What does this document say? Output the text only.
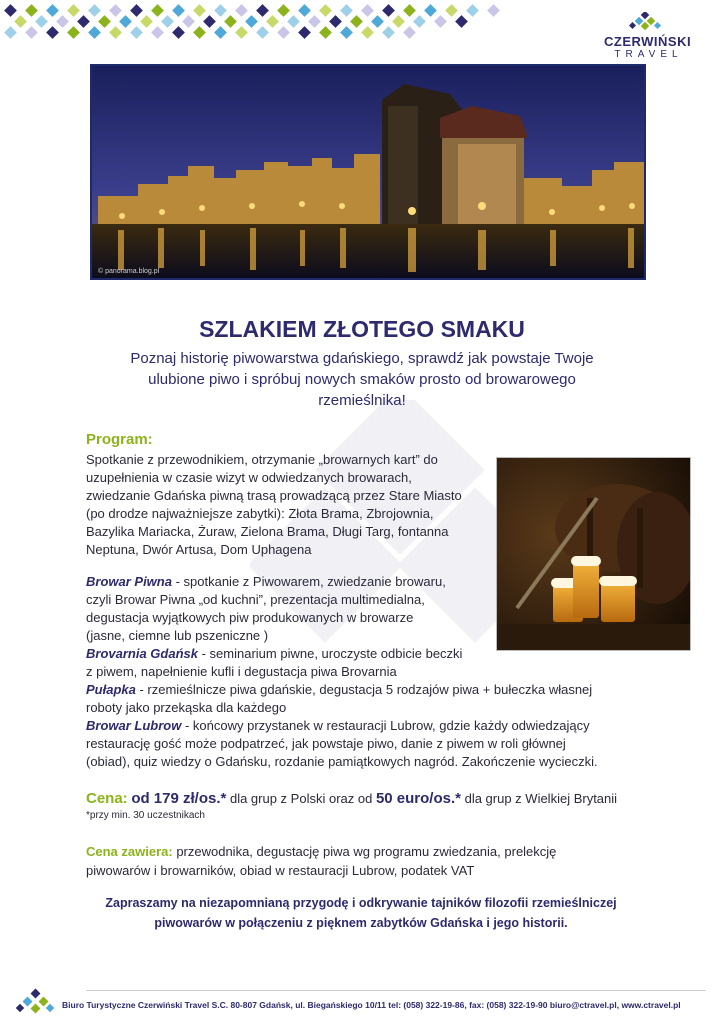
CZERWIŃSKI
TRAVEL
© panorama.blog.pl
SZLAKIEM ZŁOTEGO SMAKU
Poznaj historię piwowarstwa gdańskiego, sprawdź jak powstaje Twoje
ulubione piwo i spróbuj nowych smaków prosto od browarowego
rzemieślnika!
Program:
Spotkanie z przewodnikiem, otrzymanie „browarnych kart” do
uzupełnienia w czasie wizyt w odwiedzanych browarach,
zwiedzanie Gdańska piwną trasą prowadzącą przez Stare Miasto
(po drodze najważniejsze zabytki): Złota Brama, Zbrojownia,
Bazylika Mariacka, Żuraw, Zielona Brama, Długi Targ, fontanna
Neptuna, Dwór Artusa, Dom Uphagena
Browar Piwna - spotkanie z Piwowarem, zwiedzanie browaru,
czyli Browar Piwna „od kuchni”, prezentacja multimedialna,
degustacja wyjątkowych piw produkowanych w browarze
(jasne, ciemne lub pszeniczne )
Brovarnia Gdańsk - seminarium piwne, uroczyste odbicie beczki
z piwem, napełnienie kufli i degustacja piwa Brovarnia
Pułapka - rzemieślnicze piwa gdańskie, degustacja 5 rodzajów piwa + bułeczka własnej
roboty jako przekąska dla każdego
Browar Lubrow - końcowy przystanek w restauracji Lubrow, gdzie każdy odwiedzający
restaurację gość może podpatrzeć, jak powstaje piwo, danie z piwem w roli głównej
(obiad), quiz wiedzy o Gdańsku, rozdanie pamiątkowych nagród. Zakończenie wycieczki.
Cena: od 179 zł/os.* dla grup z Polski oraz od 50 euro/os.* dla grup z Wielkiej Brytanii
*przy min. 30 uczestnikach
Cena zawiera: przewodnika, degustację piwa wg programu zwiedzania, prelekcję
piwowarów i browarników, obiad w restauracji Lubrow, podatek VAT
Zapraszamy na niezapomnianą przygodę i odkrywanie tajników filozofii rzemieślniczej
piwowarów w połączeniu z pięknem zabytków Gdańska i jego historii.
Biuro Turystyczne Czerwiński Travel S.C. 80-807 Gdańsk, ul. Biegańskiego 10/11 tel: (058) 322-19-86, fax: (058) 322-19-90 biuro@ctravel.pl, www.ctravel.pl
